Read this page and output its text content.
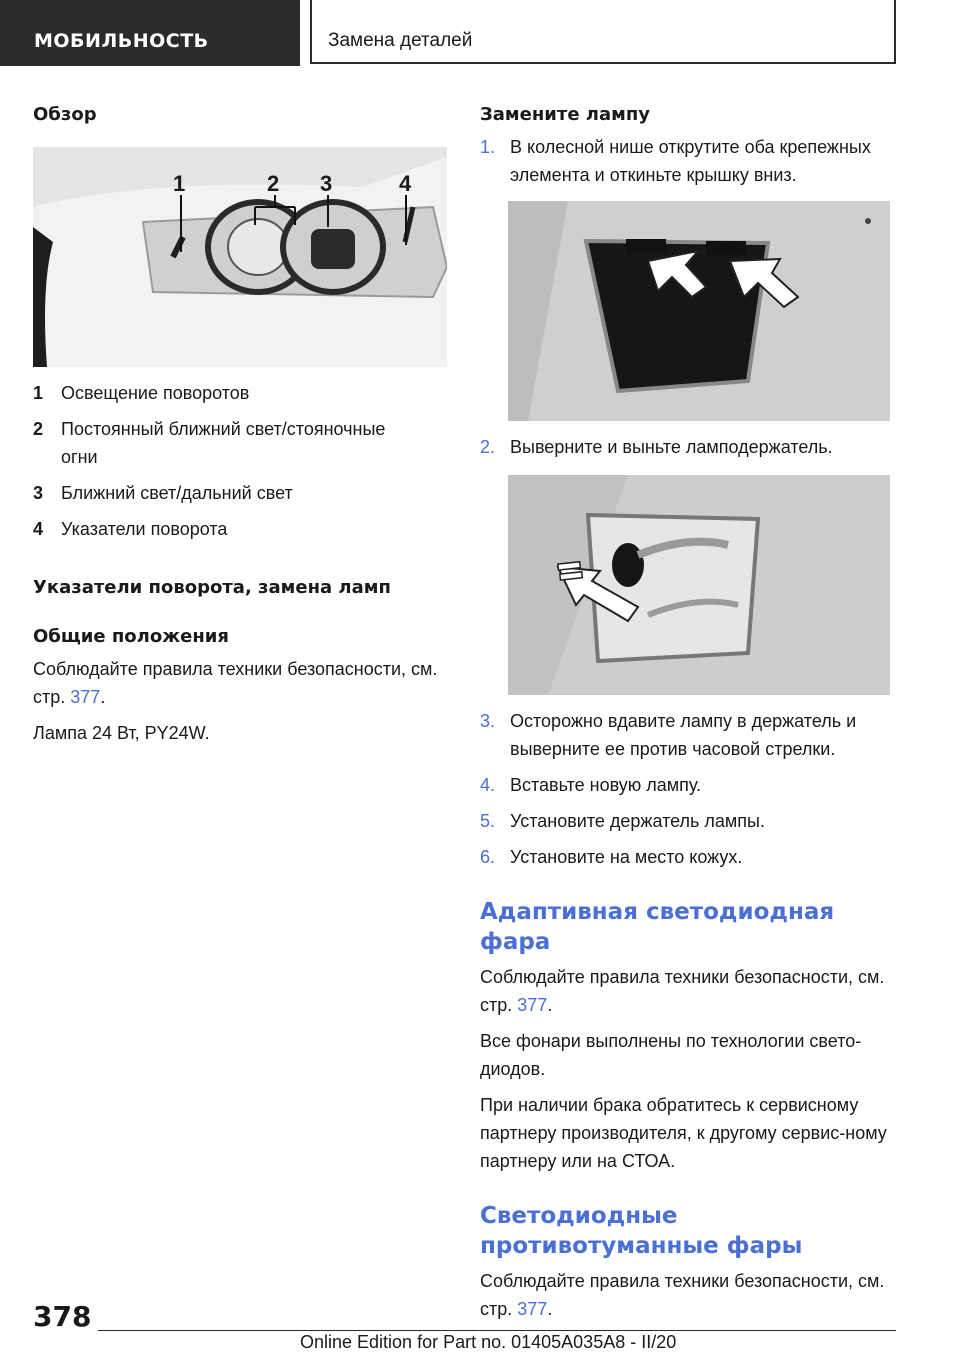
МОБИЛЬНОСТЬ	Замена деталей
Обзор
1	2 3	4
1 Освещение поворотов
2 Постоянный ближний свет/стояночные огни
3 Ближний свет/дальний свет
4 Указатели поворота
Указатели поворота, замена ламп
Общие положения

Соблюдайте правила техники безопасности, см. стр. 377.

Лампа 24 Вт, PY24W.

Замените лампу
1. В колесной нише открутите оба крепежных элемента и откиньте крышку вниз.
2. Выверните и выньте ламподержатель.
3. Осторожно вдавите лампу в держатель и выверните ее против часовой стрелки.
4. Вставьте новую лампу.
5. Установите держатель лампы.
6. Установите на место кожух.
Адаптивная светодиодная фара

Соблюдайте правила техники безопасности, см. стр. 377.

Все фонари выполнены по технологии свето-диодов.

При наличии брака обратитесь к сервисному партнеру производителя, к другому сервис-ному партнеру или на СТОА.

Светодиодные противотуманные фары

Соблюдайте правила техники безопасности, см. стр. 377.

378
Online Edition for Part no. 01405A035A8 - II/20
